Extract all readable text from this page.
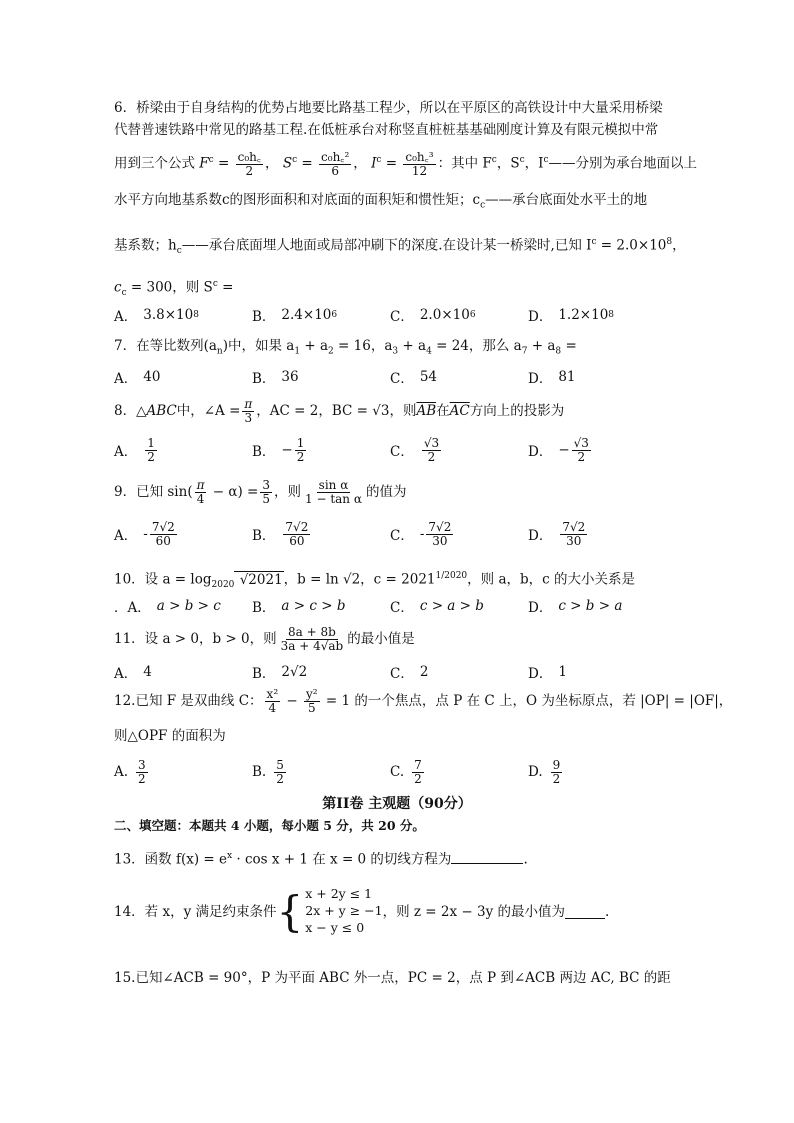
6．桥梁由于自身结构的优势占地要比路基工程少，所以在平原区的高铁设计中大量采用桥梁
代替普速铁路中常见的路基工程.在低桩承台对称竖直桩桩基基础刚度计算及有限元模拟中常
用到三个公式 $F^c = \frac{\text{c₀h꜀}}{2}$ ， $S^c = \frac{\text{c₀h꜀²}}{6}$ ， $I^c = \frac{\text{c₀h꜀³}}{12}$ ：其中 $F^c$，$S^c$，$I^c——$分别为承台地面以上
水平方向地基系数c的图形面积和对底面的面积矩和惯性矩；$c_c——$承台底面处水平土的地
基系数；$h_c——$承台底面埋人地面或局部冲刷下的深度.在设计某一桥梁时,已知 $I^c = 2.0\times 10^8$，
$c_c = 300$，则 $S^c$ =
A． 3.8×10 8	B． 2.4×10 6	C． 2.0×10 6	D． 1.2×10 8
7．在等比数列$(a_n)$中，如果 $a_1 + a_2 = 16$，$a_3 + a_4 = 24$，那么 $a_7 + a_8$ =
A． 40	B． 36	C． 54	D． 81
8．△ABC中，∠A = $\frac{\pi}{3}$ ，AC = 2，BC = √3，则$\overline{AB}$在$\overline{AC}$方向上的投影为
A． $\frac{1}{2}$	B． − $\frac{1}{2}$	C． $\frac{√3}{2}$	D． − $\frac{√3}{2}$
9．已知 $\sin( \frac{\pi}{4} - \alpha) = \frac{3}{5}$ ，则 $\frac{\text{sin α}}{\text{1 − tan α}}$ 的值为
A． - $\frac{7√2}{60}$	B． $\frac{7√2}{60}$	C． - $\frac{7√2}{30}$	D． $\frac{7√2}{30}$
10．设 $a = \log_{2020} √2021$，b = ln √2，$c = 2021^{1/2020}$，则 a，b，c 的大小关系是
．A． a > b > c B． a > c > b	C． c > a > b	D． c > b > a
11．设 a > 0，b > 0，则 $\frac{8a + 8b}{3a + 4√ab}$ 的最小值是
A． 4	B． 2√2	C． 2	D． 1
12.已知 F 是双曲线 C： $\frac{\text{x²}}{4} - \frac{\text{y²}}{5} = 1$ 的一个焦点，点 P 在 C 上，O 为坐标原点，若 |OP| = |OF|，
则△OPF 的面积为
A. $\frac{3}{2}$	B. $\frac{5}{2}$	C. $\frac{7}{2}$	D. $\frac{9}{2}$
第II卷 主观题（90分）
二、填空题：本题共 4 小题，每小题 5 分，共 20 分。
13．函数 $f(x) = e^x \cdot \cos x + 1$ 在 x = 0 的切线方程为	.
14．若 x，y 满足约束条件 { x + 2y ≤ 1
2x + y ≥ −1
x − y ≤ 0
，则 z = 2x − 3y 的最小值为	.
15.已知∠ACB = 90°，P 为平面 ABC 外一点，PC = 2，点 P 到∠ACB 两边 AC, BC 的距
